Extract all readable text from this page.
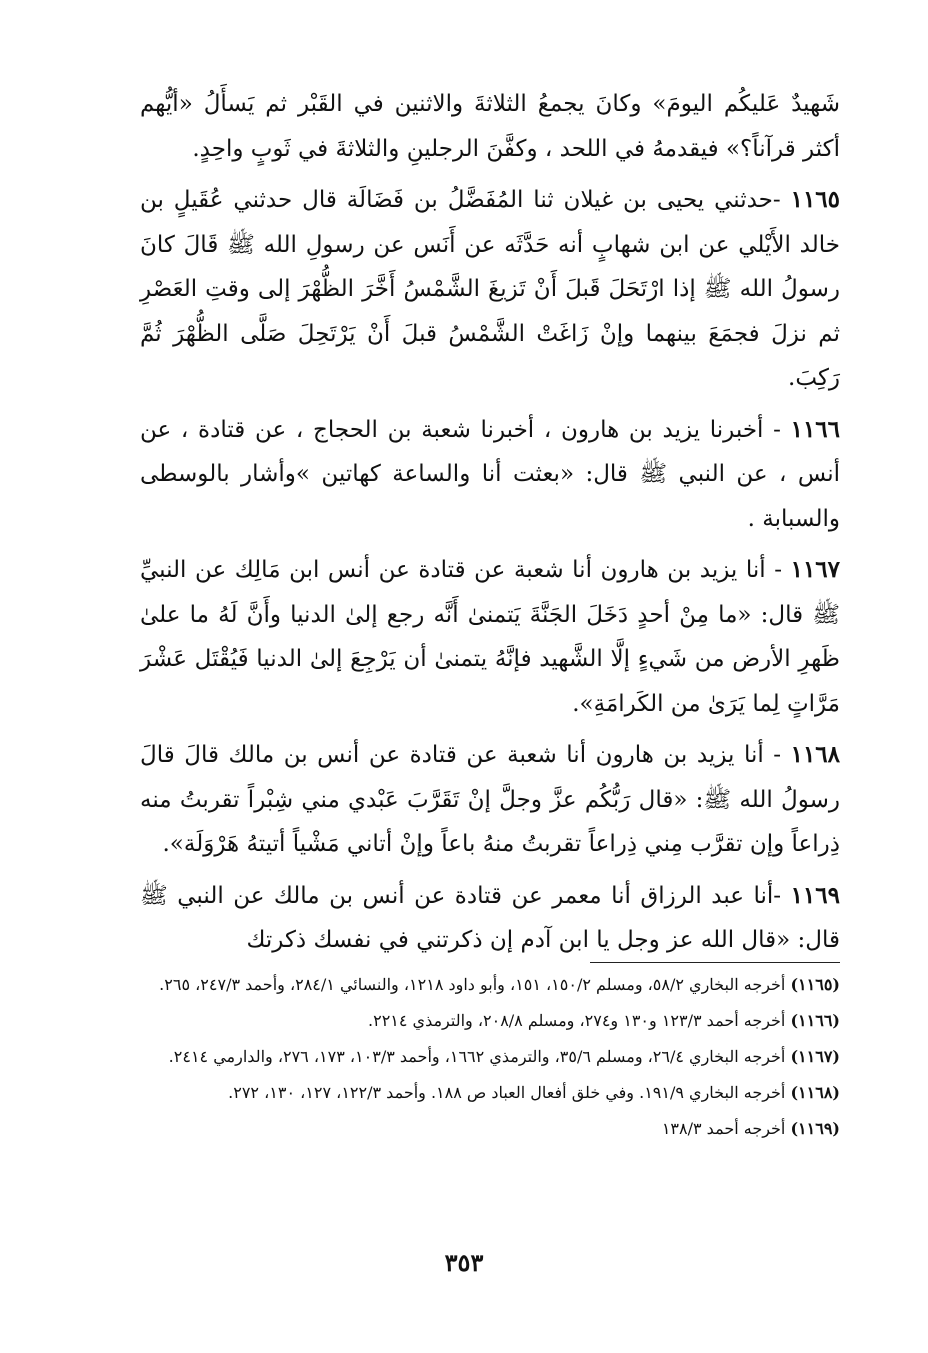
شَهيدٌ عَليكُم اليومَ» وكانَ يجمعُ الثلاثةَ والاثنين في القَبْر ثم يَسأَلُ «أيُّهم أكثر قرآناً؟» فيقدمهُ في اللحد ، وكفَّنَ الرجلينِ والثلاثةَ في ثَوبٍ واحِدٍ.

١١٦٥ -حدثني يحيى بن غيلان ثنا المُفَضَّلُ بن فَضَالَة قال حدثني عُقَيلٍ بن خالد الأَيْلي عن ابن شهابٍ أنه حَدَّثَه عن أَنَس عن رسولِ الله ﷺ قَالَ كانَ رسولُ الله ﷺ إذا ارْتَحَلَ قَبلَ أَنْ تَزيغَ الشَّمْسُ أَخَّرَ الظُّهْرَ إلى وقتِ العَصْرِ ثم نزلَ فجمَعَ بينهما وإنْ زَاغَتْ الشَّمْسُ قبلَ أَنْ يَرْتَحِلَ صَلَّى الظُّهْرَ ثُمَّ رَكِبَ.

١١٦٦ - أخبرنا يزيد بن هارون ، أخبرنا شعبة بن الحجاج ، عن قتادة ، عن أنس ، عن النبي ﷺ قال: «بعثت أنا والساعة كهاتين »وأشار بالوسطى والسبابة .

١١٦٧ - أنا يزيد بن هارون أنا شعبة عن قتادة عن أنس ابن مَالِك عن النبيِّ ﷺ قال: «ما مِنْ أحدٍ دَخَلَ الجَنَّةَ يَتمنىٰ أَنَّه رجع إلىٰ الدنيا وأَنَّ لَهُ ما علىٰ ظَهرِ الأرض من شَيءٍ إلَّا الشَّهيد فإنَّهُ يتمنىٰ أن يَرْجِعَ إلىٰ الدنيا فَيُقْتَل عَشْرَ مَرَّاتٍ لِما يَرَىٰ من الكَرامَةِ».

١١٦٨ - أنا يزيد بن هارون أنا شعبة عن قتادة عن أنس بن مالك قالَ قالَ رسولُ الله ﷺ: «قال رَبُّكُم عزَّ وجلَّ إنْ تَقَرَّبَ عَبْدي مني شِبْراً تقربتُ منه ذِراعاً وإن تقرَّب مِني ذِراعاً تقربتُ منهُ باعاً وإنْ أتاني مَشْياً أتيتهُ هَرْوَلَة».

١١٦٩ -أنا عبد الرزاق أنا معمر عن قتادة عن أنس بن مالك عن النبي ﷺ قال: «قال الله عز وجل يا ابن آدم إن ذكرتني في نفسك ذكرتك

(١١٦٥) أخرجه البخاري ٥٨/٢، ومسلم ١٥٠/٢، ١٥١، وأبو داود ١٢١٨، والنسائي ٢٨٤/١، وأحمد ٢٤٧/٣، ٢٦٥.

(١١٦٦) أخرجه أحمد ١٢٣/٣ و١٣٠ و٢٧٤، ومسلم ٢٠٨/٨، والترمذي ٢٢١٤.

(١١٦٧) أخرجه البخاري ٢٦/٤، ومسلم ٣٥/٦، والترمذي ١٦٦٢، وأحمد ١٠٣/٣، ١٧٣، ٢٧٦، والدارمي ٢٤١٤.

(١١٦٨) أخرجه البخاري ١٩١/٩. وفي خلق أفعال العباد ص ١٨٨. وأحمد ١٢٢/٣، ١٢٧، ١٣٠، ٢٧٢.

(١١٦٩) أخرجه أحمد ١٣٨/٣

٣٥٣
